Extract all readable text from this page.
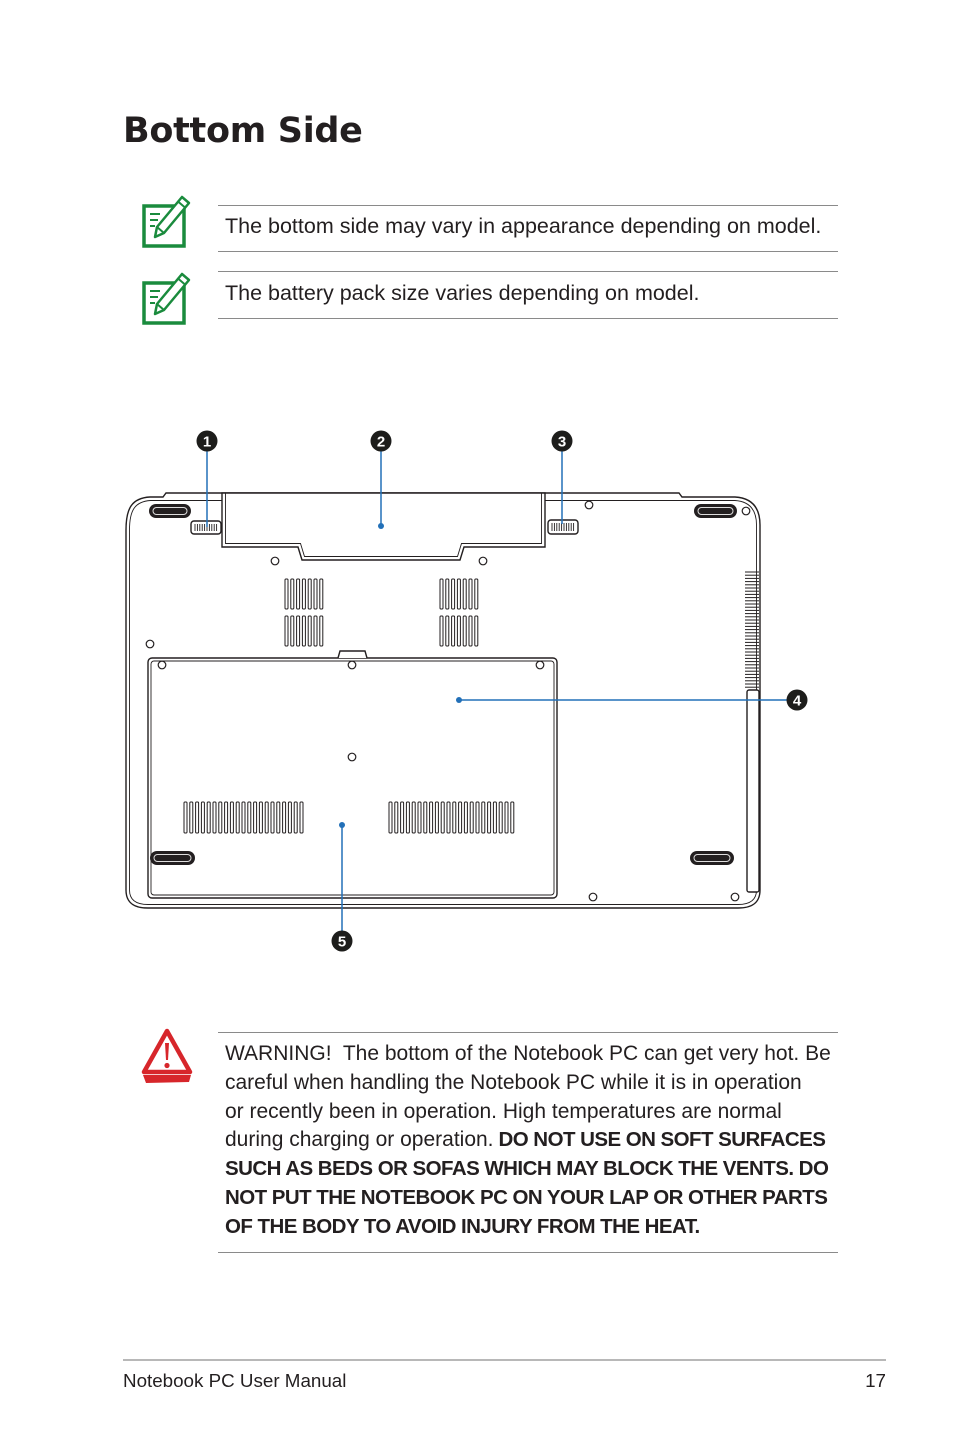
Bottom Side
The bottom side may vary in appearance depending on model.
The battery pack size varies depending on model.
1	2	3
4
5
WARNING!  The bottom of the Notebook PC can get very hot. Be
careful when handling the Notebook PC while it is in operation
or recently been in operation. High temperatures are normal
during charging or operation. DO NOT USE ON SOFT SURFACES
SUCH AS BEDS OR SOFAS WHICH MAY BLOCK THE VENTS. DO
NOT PUT THE NOTEBOOK PC ON YOUR LAP OR OTHER PARTS
OF THE BODY TO AVOID INJURY FROM THE HEAT.
Notebook PC User Manual	17
